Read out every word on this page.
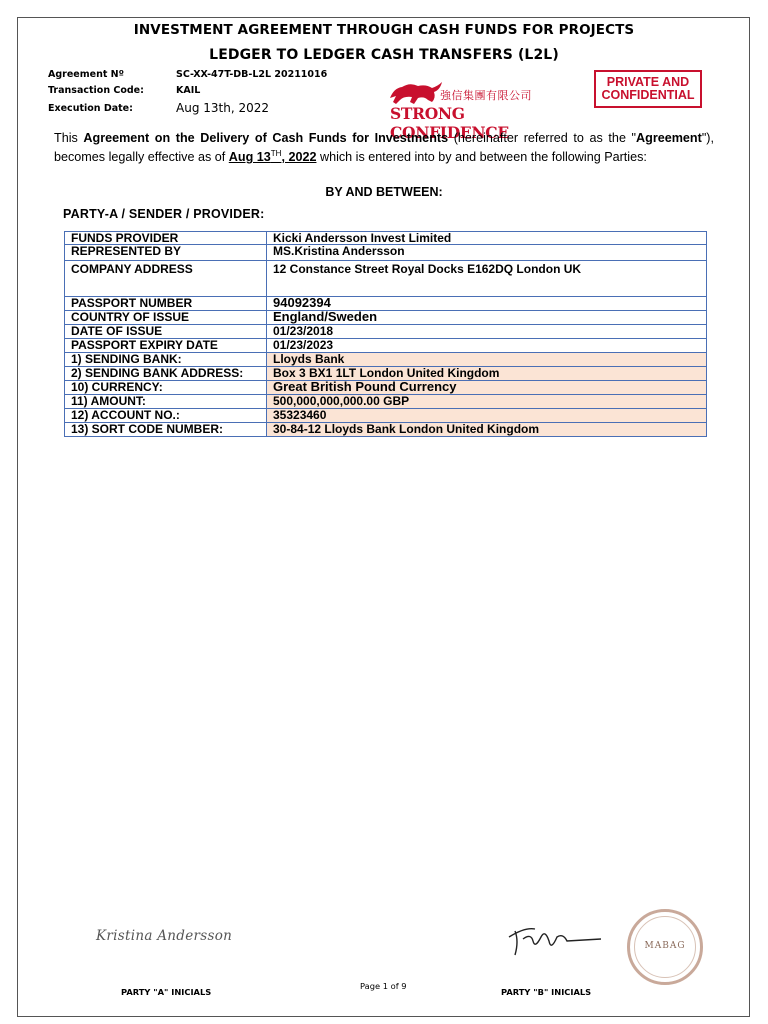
INVESTMENT AGREEMENT THROUGH CASH FUNDS FOR PROJECTS
LEDGER TO LEDGER CASH TRANSFERS (L2L)
Agreement Nº	SC-XX-47T-DB-L2L 20211016
Transaction Code:	KAIL
Execution Date:	Aug 13th, 2022
強信集團有限公司
STRONG CONFIDENCE
PRIVATE AND
CONFIDENTIAL
This Agreement on the Delivery of Cash Funds for Investments (hereinafter referred to as the "Agreement"), becomes legally effective as of Aug 13TH, 2022 which is entered into by and between the following Parties:
BY AND BETWEEN:
PARTY-A / SENDER / PROVIDER:
FUNDS PROVIDER	Kicki Andersson Invest Limited
REPRESENTED BY	MS.Kristina Andersson
COMPANY ADDRESS	12 Constance Street Royal Docks E162DQ London UK
PASSPORT NUMBER	94092394
COUNTRY OF ISSUE	England/Sweden
DATE OF ISSUE	01/23/2018
PASSPORT EXPIRY DATE	01/23/2023
1) SENDING BANK:	Lloyds Bank
2) SENDING BANK ADDRESS:	Box 3 BX1 1LT London United Kingdom
10) CURRENCY:	Great British Pound Currency
11) AMOUNT:	500,000,000,000.00 GBP
12) ACCOUNT NO.:	35323460
13) SORT CODE NUMBER:	30-84-12 Lloyds Bank London United Kingdom
Kristina Andersson
MABAG
PARTY "A" INICIALS
Page 1 of 9
PARTY "B" INICIALS
